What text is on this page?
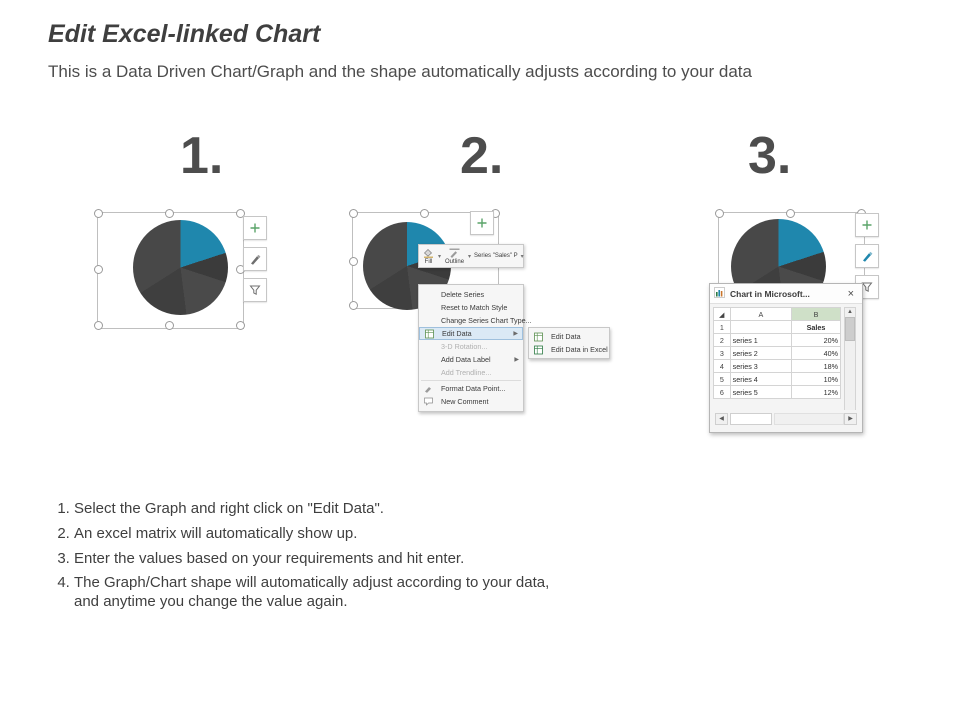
Edit Excel-linked Chart
This is a Data Driven Chart/Graph and the shape automatically adjusts according to your data
1.	2.	3.
Fill
▾
Outline
▾ Series "Sales" P ▾
Delete Series
Reset to Match Style
Change Series Chart Type...
Edit Data	▶
3-D Rotation...
Add Data Label	▶
Add Trendline...
Format Data Point...
New Comment
Edit Data
Edit Data in Excel
Chart in Microsoft...	×
◢	A	B
1		Sales
2	series 1	20%
3	series 2	40%
4	series 3	18%
5	series 4	10%
6	series 5	12%
▲
◀	▶
1. Select the Graph and right click on "Edit Data".
2. An excel matrix will automatically show up.
3. Enter the values based on your requirements and hit enter.
4. The Graph/Chart shape will automatically adjust according to your data,
and anytime you change the value again.
